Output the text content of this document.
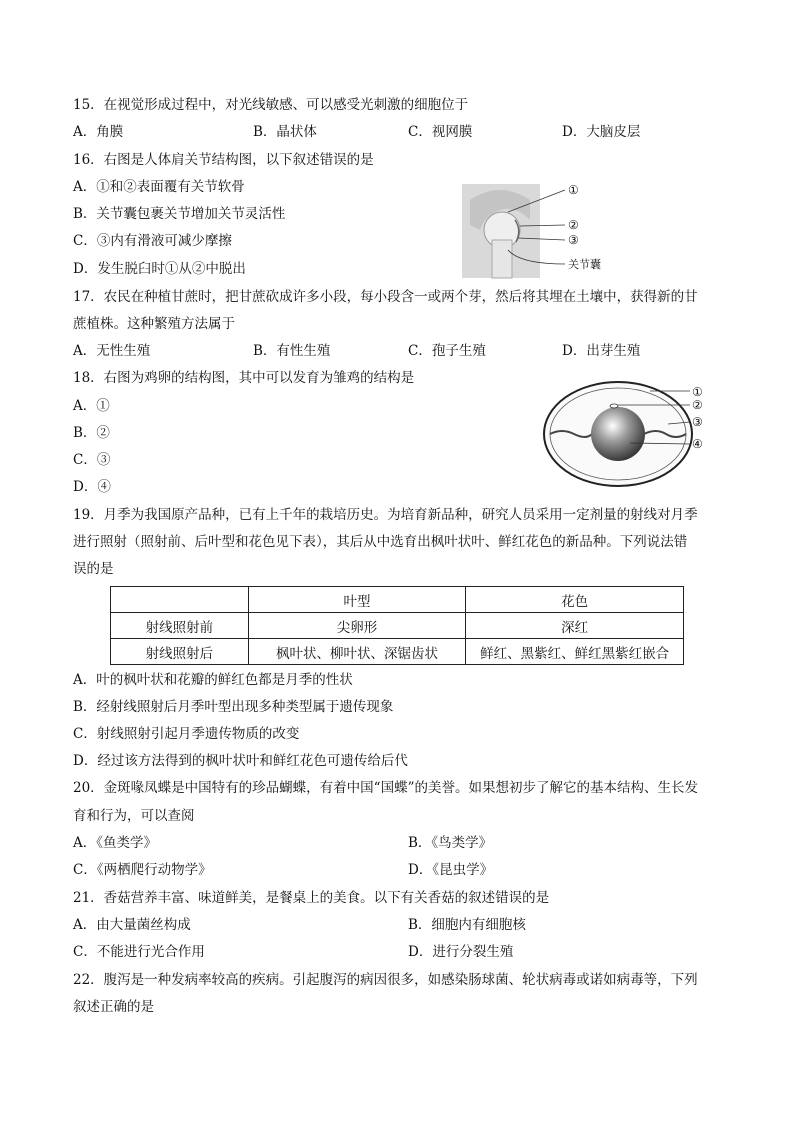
15．在视觉形成过程中，对光线敏感、可以感受光刺激的细胞位于
A．角膜	B．晶状体	C．视网膜	D．大脑皮层
16．右图是人体肩关节结构图，以下叙述错误的是
A．①和②表面覆有关节软骨
B．关节囊包裹关节增加关节灵活性
C．③内有滑液可减少摩擦
D．发生脱臼时①从②中脱出
①
②
③
关节囊
17．农民在种植甘蔗时，把甘蔗砍成许多小段，每小段含一或两个芽，然后将其埋在土壤中，获得新的甘
蔗植株。这种繁殖方法属于
A．无性生殖	B．有性生殖	C．孢子生殖	D．出芽生殖
18．右图为鸡卵的结构图，其中可以发育为雏鸡的结构是
A．①
B．②
C．③
D．④
①
②
③
④
19．月季为我国原产品种，已有上千年的栽培历史。为培育新品种，研究人员采用一定剂量的射线对月季
进行照射（照射前、后叶型和花色见下表），其后从中选育出枫叶状叶、鲜红花色的新品种。下列说法错
误的是
	叶型	花色
射线照射前	尖卵形	深红
射线照射后	枫叶状、柳叶状、深锯齿状	鲜红、黑紫红、鲜红黑紫红嵌合
A．叶的枫叶状和花瓣的鲜红色都是月季的性状
B．经射线照射后月季叶型出现多种类型属于遗传现象
C．射线照射引起月季遗传物质的改变
D．经过该方法得到的枫叶状叶和鲜红花色可遗传给后代
20．金斑喙凤蝶是中国特有的珍品蝴蝶，有着中国“国蝶”的美誉。如果想初步了解它的基本结构、生长发
育和行为，可以查阅
A．《鱼类学》	B．《鸟类学》
C．《两栖爬行动物学》	D．《昆虫学》
21．香菇营养丰富、味道鲜美，是餐桌上的美食。以下有关香菇的叙述错误的是
A．由大量菌丝构成	B．细胞内有细胞核
C．不能进行光合作用	D．进行分裂生殖
22．腹泻是一种发病率较高的疾病。引起腹泻的病因很多，如感染肠球菌、轮状病毒或诺如病毒等，下列
叙述正确的是
